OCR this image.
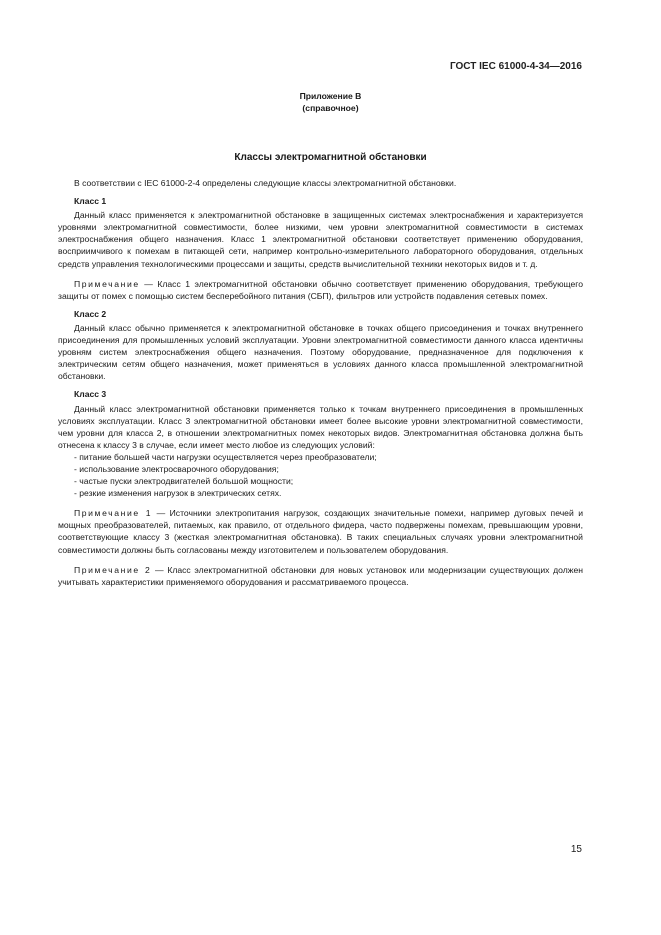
ГОСТ IEC 61000-4-34—2016
Приложение В
(справочное)
Классы электромагнитной обстановки

В соответствии с IEC 61000-2-4 определены следующие классы электромагнитной обстановки.

Класс 1

Данный класс применяется к электромагнитной обстановке в защищенных системах электроснабжения и характеризуется уровнями электромагнитной совместимости, более низкими, чем уровни электромагнитной совместимости в системах электроснабжения общего назначения. Класс 1 электромагнитной обстановки соответствует применению оборудования, восприимчивого к помехам в питающей сети, например контрольно-измерительного лабораторного оборудования, отдельных средств управления технологическими процессами и защиты, средств вычислительной техники некоторых видов и т. д.

Примечание — Класс 1 электромагнитной обстановки обычно соответствует применению оборудования, требующего защиты от помех с помощью систем бесперебойного питания (СБП), фильтров или устройств подавления сетевых помех.

Класс 2

Данный класс обычно применяется к электромагнитной обстановке в точках общего присоединения и точках внутреннего присоединения для промышленных условий эксплуатации. Уровни электромагнитной совместимости данного класса идентичны уровням систем электроснабжения общего назначения. Поэтому оборудование, предназначенное для подключения к электрическим сетям общего назначения, может применяться в условиях данного класса промышленной электромагнитной обстановки.

Класс 3

Данный класс электромагнитной обстановки применяется только к точкам внутреннего присоединения в промышленных условиях эксплуатации. Класс 3 электромагнитной обстановки имеет более высокие уровни электромагнитной совместимости, чем уровни для класса 2, в отношении электромагнитных помех некоторых видов. Электромагнитная обстановка должна быть отнесена к классу 3 в случае, если имеет место любое из следующих условий:

- питание большей части нагрузки осуществляется через преобразователи;

- использование электросварочного оборудования;

- частые пуски электродвигателей большой мощности;

- резкие изменения нагрузок в электрических сетях.

Примечание 1 — Источники электропитания нагрузок, создающих значительные помехи, например дуговых печей и мощных преобразователей, питаемых, как правило, от отдельного фидера, часто подвержены помехам, превышающим уровни, соответствующие классу 3 (жесткая электромагнитная обстановка). В таких специальных случаях уровни электромагнитной совместимости должны быть согласованы между изготовителем и пользователем оборудования.

Примечание 2 — Класс электромагнитной обстановки для новых установок или модернизации существующих должен учитывать характеристики применяемого оборудования и рассматриваемого процесса.

15
